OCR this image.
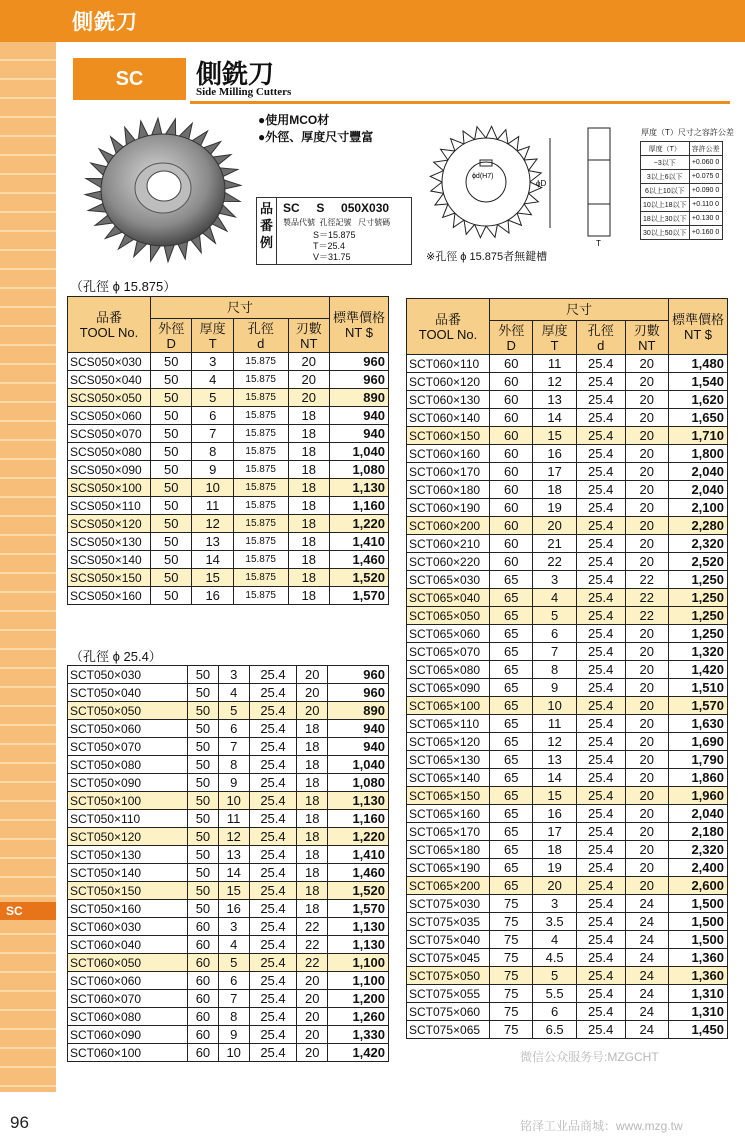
側銑刀
SC
96
SC	側銑刀
Side Milling Cutters
●使用MCO材
●外徑、厚度尺寸豐富
品番例
SC     S     050X030
製品代號  孔徑記號   尺寸號碼
S＝15.875
T＝25.4
V＝31.75
ϕd(H7)
ϕD
T
※孔徑 ϕ 15.875者無鍵槽
厚度（T）尺寸之容許公差
厚度（T）	容許公差
~3以下	+0.060 0
3以上6以下	+0.075 0
6以上10以下	+0.090 0
10以上18以下	+0.110 0
18以上30以下	+0.130 0
30以上50以下	+0.160 0
（孔徑 ϕ 15.875）
（孔徑 ϕ 25.4）
品番
TOOL No.	尺寸				標準價格
NT $
	外徑
D	厚度
T	孔徑
d	刃數
NT	
SCS050×030	50	3	15.875	20	960
SCS050×040	50	4	15.875	20	960
SCS050×050	50	5	15.875	20	890
SCS050×060	50	6	15.875	18	940
SCS050×070	50	7	15.875	18	940
SCS050×080	50	8	15.875	18	1,040
SCS050×090	50	9	15.875	18	1,080
SCS050×100	50	10	15.875	18	1,130
SCS050×110	50	11	15.875	18	1,160
SCS050×120	50	12	15.875	18	1,220
SCS050×130	50	13	15.875	18	1,410
SCS050×140	50	14	15.875	18	1,460
SCS050×150	50	15	15.875	18	1,520
SCS050×160	50	16	15.875	18	1,570
SCT050×030	50	3	25.4	20	960
SCT050×040	50	4	25.4	20	960
SCT050×050	50	5	25.4	20	890
SCT050×060	50	6	25.4	18	940
SCT050×070	50	7	25.4	18	940
SCT050×080	50	8	25.4	18	1,040
SCT050×090	50	9	25.4	18	1,080
SCT050×100	50	10	25.4	18	1,130
SCT050×110	50	11	25.4	18	1,160
SCT050×120	50	12	25.4	18	1,220
SCT050×130	50	13	25.4	18	1,410
SCT050×140	50	14	25.4	18	1,460
SCT050×150	50	15	25.4	18	1,520
SCT050×160	50	16	25.4	18	1,570
SCT060×030	60	3	25.4	22	1,130
SCT060×040	60	4	25.4	22	1,130
SCT060×050	60	5	25.4	22	1,100
SCT060×060	60	6	25.4	20	1,100
SCT060×070	60	7	25.4	20	1,200
SCT060×080	60	8	25.4	20	1,260
SCT060×090	60	9	25.4	20	1,330
SCT060×100	60	10	25.4	20	1,420
品番
TOOL No.	尺寸				標準價格
NT $
	外徑
D	厚度
T	孔徑
d	刃數
NT	
SCT060×110	60	11	25.4	20	1,480
SCT060×120	60	12	25.4	20	1,540
SCT060×130	60	13	25.4	20	1,620
SCT060×140	60	14	25.4	20	1,650
SCT060×150	60	15	25.4	20	1,710
SCT060×160	60	16	25.4	20	1,800
SCT060×170	60	17	25.4	20	2,040
SCT060×180	60	18	25.4	20	2,040
SCT060×190	60	19	25.4	20	2,100
SCT060×200	60	20	25.4	20	2,280
SCT060×210	60	21	25.4	20	2,320
SCT060×220	60	22	25.4	20	2,520
SCT065×030	65	3	25.4	22	1,250
SCT065×040	65	4	25.4	22	1,250
SCT065×050	65	5	25.4	22	1,250
SCT065×060	65	6	25.4	20	1,250
SCT065×070	65	7	25.4	20	1,320
SCT065×080	65	8	25.4	20	1,420
SCT065×090	65	9	25.4	20	1,510
SCT065×100	65	10	25.4	20	1,570
SCT065×110	65	11	25.4	20	1,630
SCT065×120	65	12	25.4	20	1,690
SCT065×130	65	13	25.4	20	1,790
SCT065×140	65	14	25.4	20	1,860
SCT065×150	65	15	25.4	20	1,960
SCT065×160	65	16	25.4	20	2,040
SCT065×170	65	17	25.4	20	2,180
SCT065×180	65	18	25.4	20	2,320
SCT065×190	65	19	25.4	20	2,400
SCT065×200	65	20	25.4	20	2,600
SCT075×030	75	3	25.4	24	1,500
SCT075×035	75	3.5	25.4	24	1,500
SCT075×040	75	4	25.4	24	1,500
SCT075×045	75	4.5	25.4	24	1,360
SCT075×050	75	5	25.4	24	1,360
SCT075×055	75	5.5	25.4	24	1,310
SCT075×060	75	6	25.4	24	1,310
SCT075×065	75	6.5	25.4	24	1,450
微信公众服务号:MZGCHT
铭泽工业品商城：www.mzg.tw
